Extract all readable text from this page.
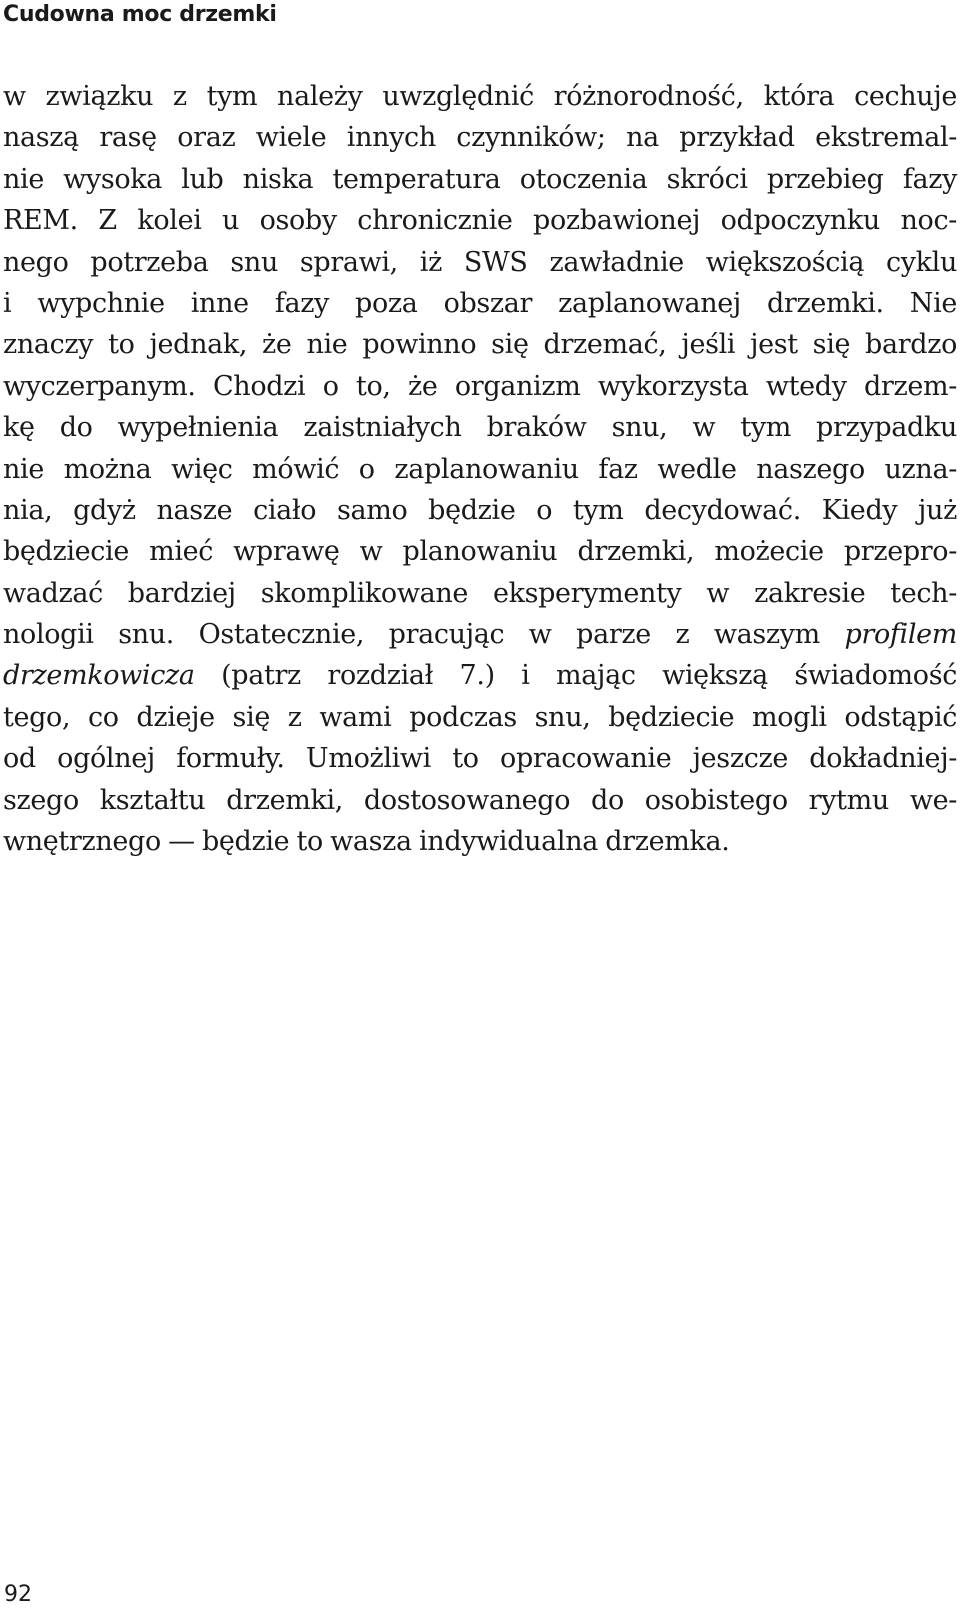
Cudowna moc drzemki
w związku z tym należy uwzględnić różnorodność, która cechuje
naszą rasę oraz wiele innych czynników; na przykład ekstremal-
nie wysoka lub niska temperatura otoczenia skróci przebieg fazy
REM. Z kolei u osoby chronicznie pozbawionej odpoczynku noc-
nego potrzeba snu sprawi, iż SWS zawładnie większością cyklu
i wypchnie inne fazy poza obszar zaplanowanej drzemki. Nie
znaczy to jednak, że nie powinno się drzemać, jeśli jest się bardzo
wyczerpanym. Chodzi o to, że organizm wykorzysta wtedy drzem-
kę do wypełnienia zaistniałych braków snu, w tym przypadku
nie można więc mówić o zaplanowaniu faz wedle naszego uzna-
nia, gdyż nasze ciało samo będzie o tym decydować. Kiedy już
będziecie mieć wprawę w planowaniu drzemki, możecie przepro-
wadzać bardziej skomplikowane eksperymenty w zakresie tech-
nologii snu. Ostatecznie, pracując w parze z waszym profilem
drzemkowicza (patrz rozdział 7.) i mając większą świadomość
tego, co dzieje się z wami podczas snu, będziecie mogli odstąpić
od ogólnej formuły. Umożliwi to opracowanie jeszcze dokładniej-
szego kształtu drzemki, dostosowanego do osobistego rytmu we-
wnętrznego — będzie to wasza indywidualna drzemka.
92
